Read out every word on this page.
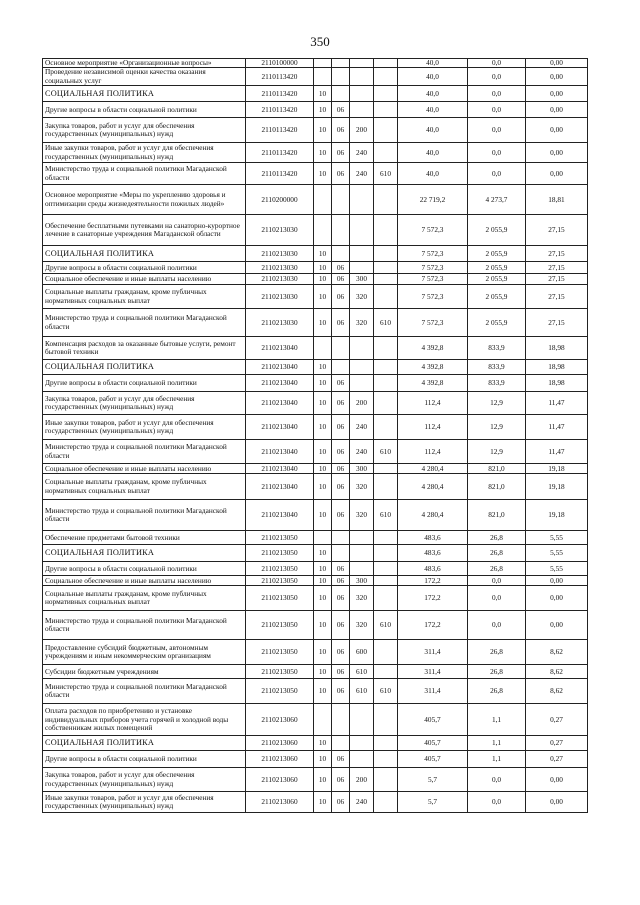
350
Основное мероприятие «Организационные вопросы»	2110100000					40,0	0,0	0,00
Проведение независимой оценки качества оказания социальных услуг	2110113420					40,0	0,0	0,00
СОЦИАЛЬНАЯ ПОЛИТИКА	2110113420	10				40,0	0,0	0,00
Другие вопросы в области социальной политики	2110113420	10	06			40,0	0,0	0,00
Закупка товаров, работ и услуг для обеспечения государственных (муниципальных) нужд	2110113420	10	06	200		40,0	0,0	0,00
Иные закупки товаров, работ и услуг для обеспечения государственных (муниципальных) нужд	2110113420	10	06	240		40,0	0,0	0,00
Министерство труда и социальной политики Магаданской области	2110113420	10	06	240	610	40,0	0,0	0,00
Основное мероприятие «Меры по укреплению здоровья и оптимизации среды жизнедеятельности пожилых людей»	2110200000					22 719,2	4 273,7	18,81
Обеспечение бесплатными путевками на санаторно-курортное лечение в санаторные учреждения Магаданской области	2110213030					7 572,3	2 055,9	27,15
СОЦИАЛЬНАЯ ПОЛИТИКА	2110213030	10				7 572,3	2 055,9	27,15
Другие вопросы в области социальной политики	2110213030	10	06			7 572,3	2 055,9	27,15
Социальное обеспечение и иные выплаты населению	2110213030	10	06	300		7 572,3	2 055,9	27,15
Социальные выплаты гражданам, кроме публичных нормативных социальных выплат	2110213030	10	06	320		7 572,3	2 055,9	27,15
Министерство труда и социальной политики Магаданской области	2110213030	10	06	320	610	7 572,3	2 055,9	27,15
Компенсация расходов за оказанные бытовые услуги, ремонт бытовой техники	2110213040					4 392,8	833,9	18,98
СОЦИАЛЬНАЯ ПОЛИТИКА	2110213040	10				4 392,8	833,9	18,98
Другие вопросы в области социальной политики	2110213040	10	06			4 392,8	833,9	18,98
Закупка товаров, работ и услуг для обеспечения государственных (муниципальных) нужд	2110213040	10	06	200		112,4	12,9	11,47
Иные закупки товаров, работ и услуг для обеспечения государственных (муниципальных) нужд	2110213040	10	06	240		112,4	12,9	11,47
Министерство труда и социальной политики Магаданской области	2110213040	10	06	240	610	112,4	12,9	11,47
Социальное обеспечение и иные выплаты населению	2110213040	10	06	300		4 280,4	821,0	19,18
Социальные выплаты гражданам, кроме публичных нормативных социальных выплат	2110213040	10	06	320		4 280,4	821,0	19,18
Министерство труда и социальной политики Магаданской области	2110213040	10	06	320	610	4 280,4	821,0	19,18
Обеспечение предметами бытовой техники	2110213050					483,6	26,8	5,55
СОЦИАЛЬНАЯ ПОЛИТИКА	2110213050	10				483,6	26,8	5,55
Другие вопросы в области социальной политики	2110213050	10	06			483,6	26,8	5,55
Социальное обеспечение и иные выплаты населению	2110213050	10	06	300		172,2	0,0	0,00
Социальные выплаты гражданам, кроме публичных нормативных социальных выплат	2110213050	10	06	320		172,2	0,0	0,00
Министерство труда и социальной политики Магаданской области	2110213050	10	06	320	610	172,2	0,0	0,00
Предоставление субсидий бюджетным, автономным учреждениям и иным некоммерческим организациям	2110213050	10	06	600		311,4	26,8	8,62
Субсидии бюджетным учреждениям	2110213050	10	06	610		311,4	26,8	8,62
Министерство труда и социальной политики Магаданской области	2110213050	10	06	610	610	311,4	26,8	8,62
Оплата расходов по приобретению и установке индивидуальных приборов учета горячей и холодной воды собственникам жилых помещений	2110213060					405,7	1,1	0,27
СОЦИАЛЬНАЯ ПОЛИТИКА	2110213060	10				405,7	1,1	0,27
Другие вопросы в области социальной политики	2110213060	10	06			405,7	1,1	0,27
Закупка товаров, работ и услуг для обеспечения государственных (муниципальных) нужд	2110213060	10	06	200		5,7	0,0	0,00
Иные закупки товаров, работ и услуг для обеспечения государственных (муниципальных) нужд	2110213060	10	06	240		5,7	0,0	0,00
